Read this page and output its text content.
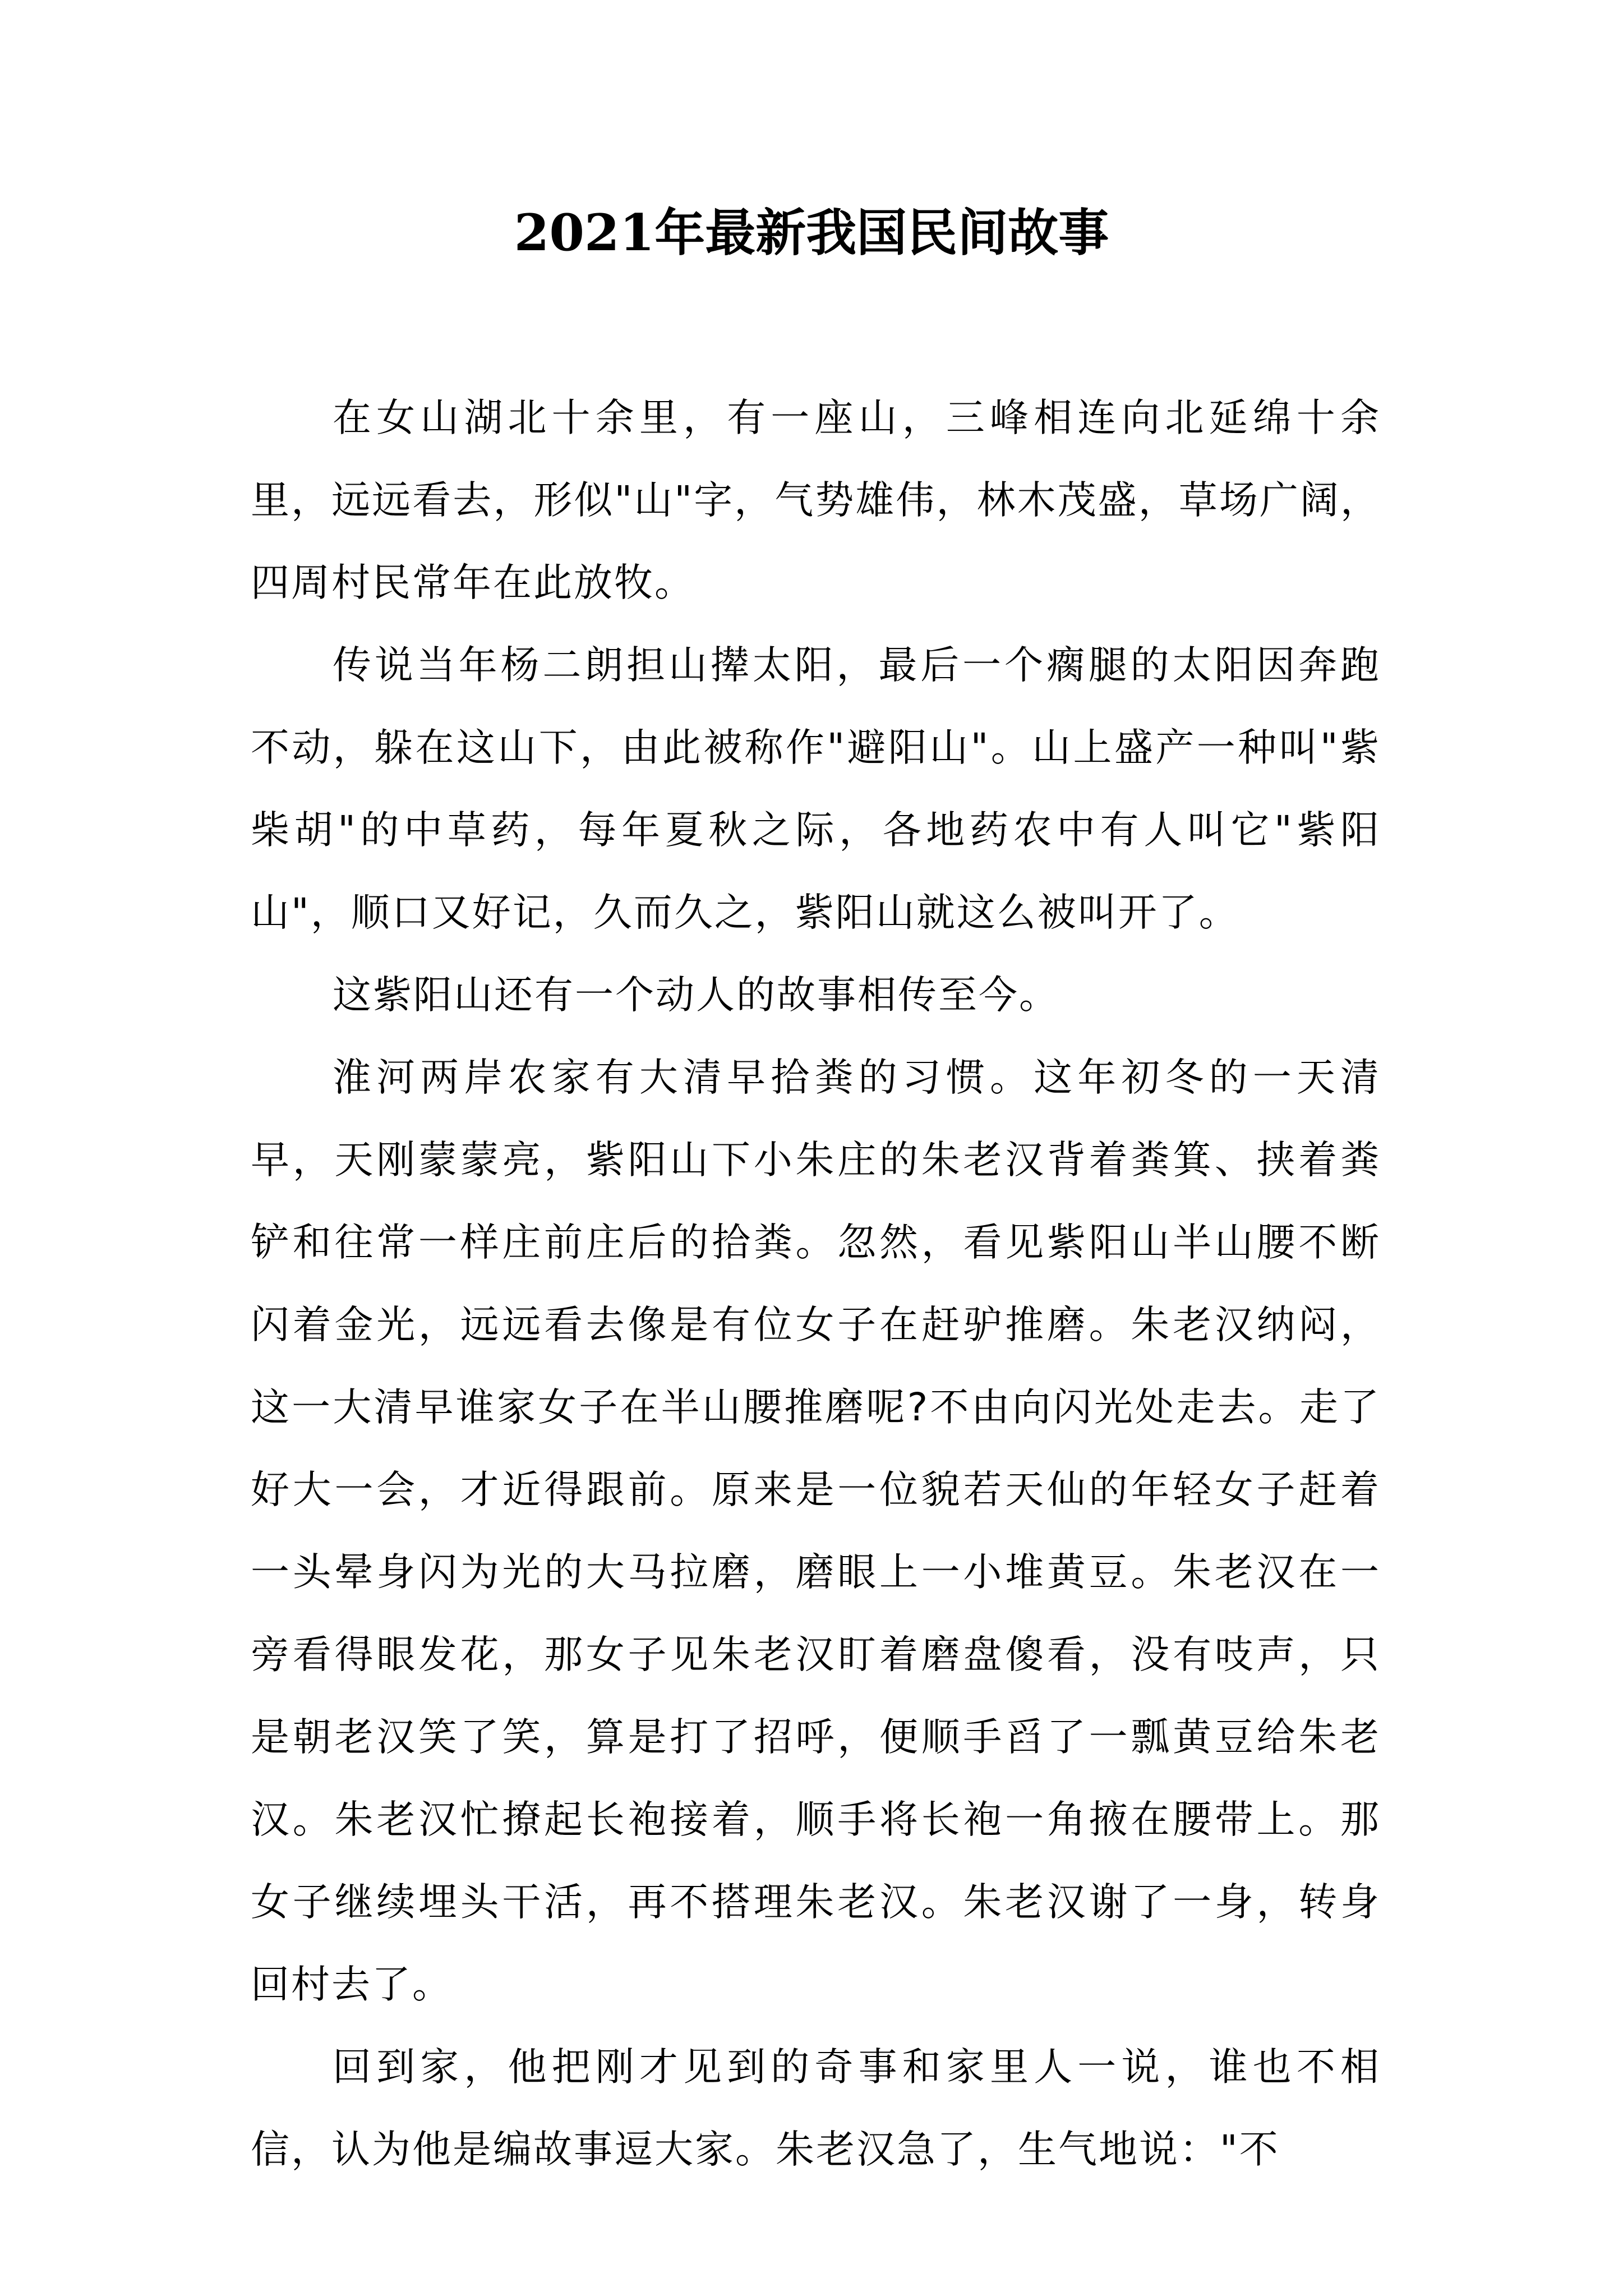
2021年最新我国民间故事

在女山湖北十余里，有一座山，三峰相连向北延绵十余里，远远看去，形似"山"字，气势雄伟，林木茂盛，草场广阔，四周村民常年在此放牧。

传说当年杨二朗担山撵太阳，最后一个瘸腿的太阳因奔跑不动，躲在这山下，由此被称作"避阳山"。山上盛产一种叫"紫柴胡"的中草药，每年夏秋之际，各地药农中有人叫它"紫阳山"，顺口又好记，久而久之，紫阳山就这么被叫开了。

这紫阳山还有一个动人的故事相传至今。

淮河两岸农家有大清早拾粪的习惯。这年初冬的一天清早，天刚蒙蒙亮，紫阳山下小朱庄的朱老汉背着粪箕、挟着粪铲和往常一样庄前庄后的拾粪。忽然，看见紫阳山半山腰不断闪着金光，远远看去像是有位女子在赶驴推磨。朱老汉纳闷，这一大清早谁家女子在半山腰推磨呢?不由向闪光处走去。走了好大一会，才近得跟前。原来是一位貌若天仙的年轻女子赶着一头晕身闪为光的大马拉磨，磨眼上一小堆黄豆。朱老汉在一旁看得眼发花，那女子见朱老汉盯着磨盘傻看，没有吱声，只是朝老汉笑了笑，算是打了招呼，便顺手舀了一瓢黄豆给朱老汉。朱老汉忙撩起长袍接着，顺手将长袍一角掖在腰带上。那女子继续埋头干活，再不搭理朱老汉。朱老汉谢了一身，转身回村去了。

回到家，他把刚才见到的奇事和家里人一说，谁也不相信，认为他是编故事逗大家。朱老汉急了，生气地说："不
